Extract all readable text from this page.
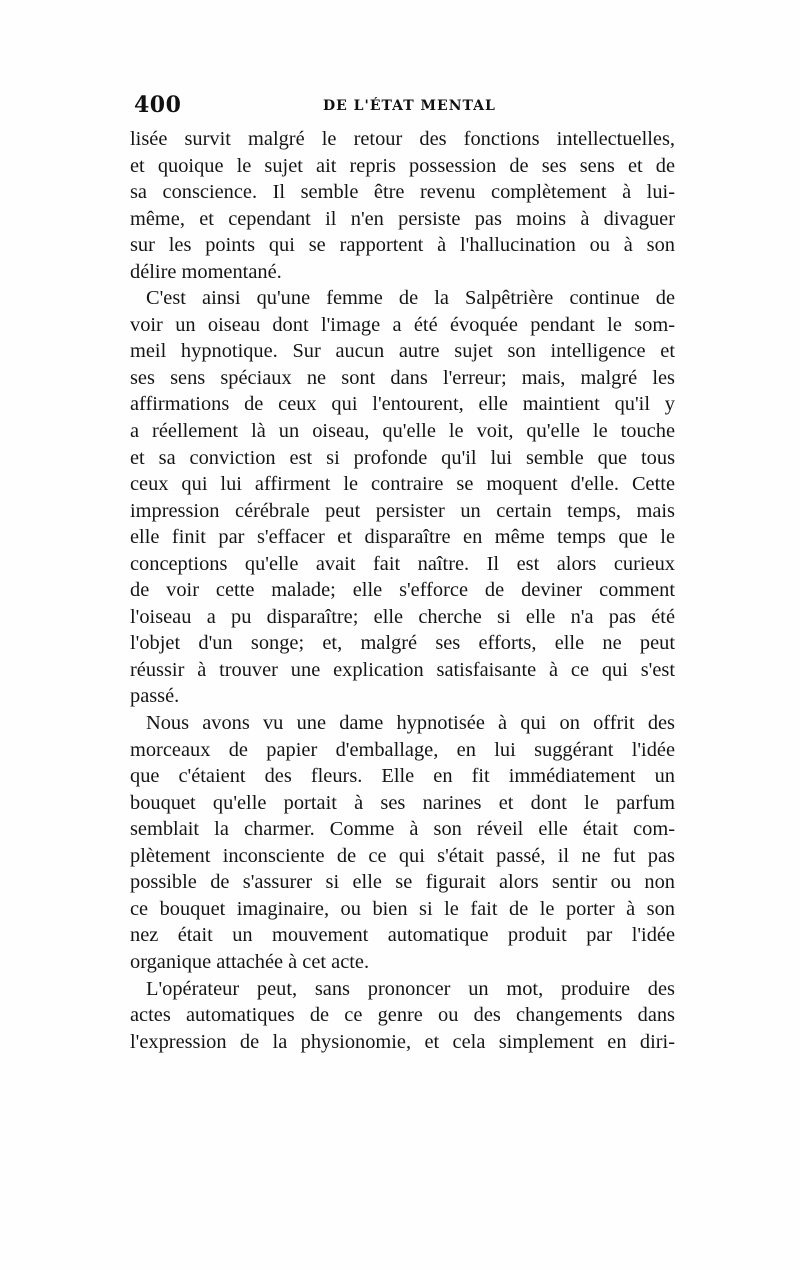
400	DE L'ÉTAT MENTAL
lisée survit malgré le retour des fonctions intellectuelles,
et quoique le sujet ait repris possession de ses sens et de
sa conscience. Il semble être revenu complètement à lui-
même, et cependant il n'en persiste pas moins à divaguer
sur les points qui se rapportent à l'hallucination ou à son
délire momentané.
C'est ainsi qu'une femme de la Salpêtrière continue de
voir un oiseau dont l'image a été évoquée pendant le som-
meil hypnotique. Sur aucun autre sujet son intelligence et
ses sens spéciaux ne sont dans l'erreur; mais, malgré les
affirmations de ceux qui l'entourent, elle maintient qu'il y
a réellement là un oiseau, qu'elle le voit, qu'elle le touche
et sa conviction est si profonde qu'il lui semble que tous
ceux qui lui affirment le contraire se moquent d'elle. Cette
impression cérébrale peut persister un certain temps, mais
elle finit par s'effacer et disparaître en même temps que le
conceptions qu'elle avait fait naître. Il est alors curieux
de voir cette malade; elle s'efforce de deviner comment
l'oiseau a pu disparaître; elle cherche si elle n'a pas été
l'objet d'un songe; et, malgré ses efforts, elle ne peut
réussir à trouver une explication satisfaisante à ce qui s'est
passé.
Nous avons vu une dame hypnotisée à qui on offrit des
morceaux de papier d'emballage, en lui suggérant l'idée
que c'étaient des fleurs. Elle en fit immédiatement un
bouquet qu'elle portait à ses narines et dont le parfum
semblait la charmer. Comme à son réveil elle était com-
plètement inconsciente de ce qui s'était passé, il ne fut pas
possible de s'assurer si elle se figurait alors sentir ou non
ce bouquet imaginaire, ou bien si le fait de le porter à son
nez était un mouvement automatique produit par l'idée
organique attachée à cet acte.
L'opérateur peut, sans prononcer un mot, produire des
actes automatiques de ce genre ou des changements dans
l'expression de la physionomie, et cela simplement en diri-
